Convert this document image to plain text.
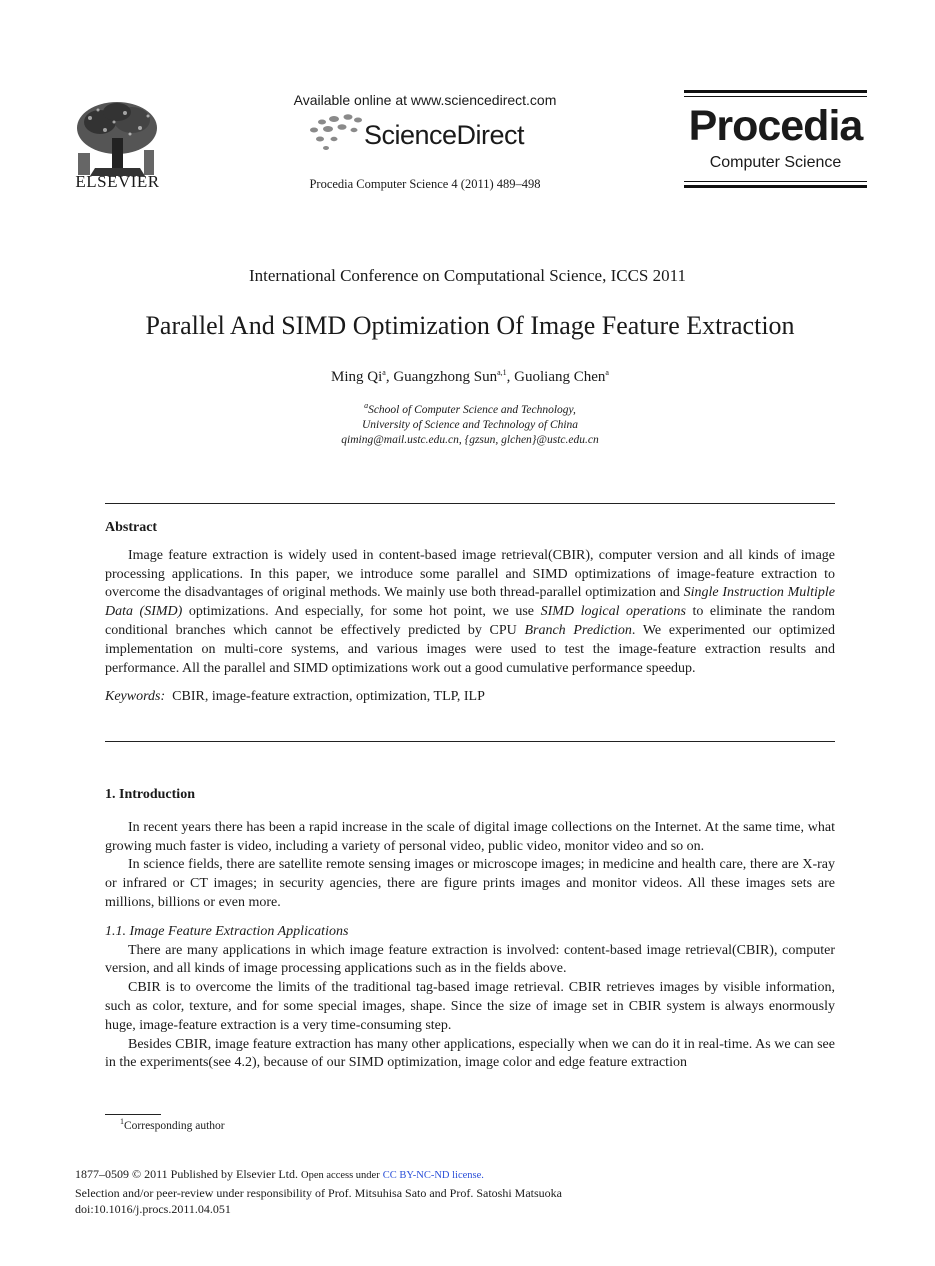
ELSEVIER
Available online at www.sciencedirect.com
ScienceDirect
Procedia Computer Science 4 (2011) 489–498
Procedia
Computer Science
International Conference on Computational Science, ICCS 2011
Parallel And SIMD Optimization Of Image Feature Extraction
Ming Qi$^a$, Guangzhong Sun$^{a,1}$, Guoliang Chen$^a$
$^a$School of Computer Science and Technology,
University of Science and Technology of China
qiming@mail.ustc.edu.cn, {gzsun, glchen}@ustc.edu.cn
Abstract
Image feature extraction is widely used in content-based image retrieval(CBIR), computer version and all kinds of image processing applications. In this paper, we introduce some parallel and SIMD optimizations of image-feature extraction to overcome the disadvantages of original methods. We mainly use both thread-parallel optimization and Single Instruction Multiple Data (SIMD) optimizations. And especially, for some hot point, we use SIMD logical operations to eliminate the random conditional branches which cannot be effectively predicted by CPU Branch Prediction. We experimented our optimized implementation on multi-core systems, and various images were used to test the image-feature extraction results and performance. All the parallel and SIMD optimizations work out a good cumulative performance speedup.
Keywords: CBIR, image-feature extraction, optimization, TLP, ILP
1. Introduction
In recent years there has been a rapid increase in the scale of digital image collections on the Internet. At the same time, what growing much faster is video, including a variety of personal video, public video, monitor video and so on.
In science fields, there are satellite remote sensing images or microscope images; in medicine and health care, there are X-ray or infrared or CT images; in security agencies, there are figure prints images and monitor videos. All these images sets are millions, billions or even more.
1.1. Image Feature Extraction Applications
There are many applications in which image feature extraction is involved: content-based image retrieval(CBIR), computer version, and all kinds of image processing applications such as in the fields above.
CBIR is to overcome the limits of the traditional tag-based image retrieval. CBIR retrieves images by visible information, such as color, texture, and for some special images, shape. Since the size of image set in CBIR system is always enormously huge, image-feature extraction is a very time-consuming step.
Besides CBIR, image feature extraction has many other applications, especially when we can do it in real-time. As we can see in the experiments(see 4.2), because of our SIMD optimization, image color and edge feature extraction
$^1$Corresponding author
1877–0509 © 2011 Published by Elsevier Ltd. Open access under CC BY-NC-ND license.
Selection and/or peer-review under responsibility of Prof. Mitsuhisa Sato and Prof. Satoshi Matsuoka
doi:10.1016/j.procs.2011.04.051
